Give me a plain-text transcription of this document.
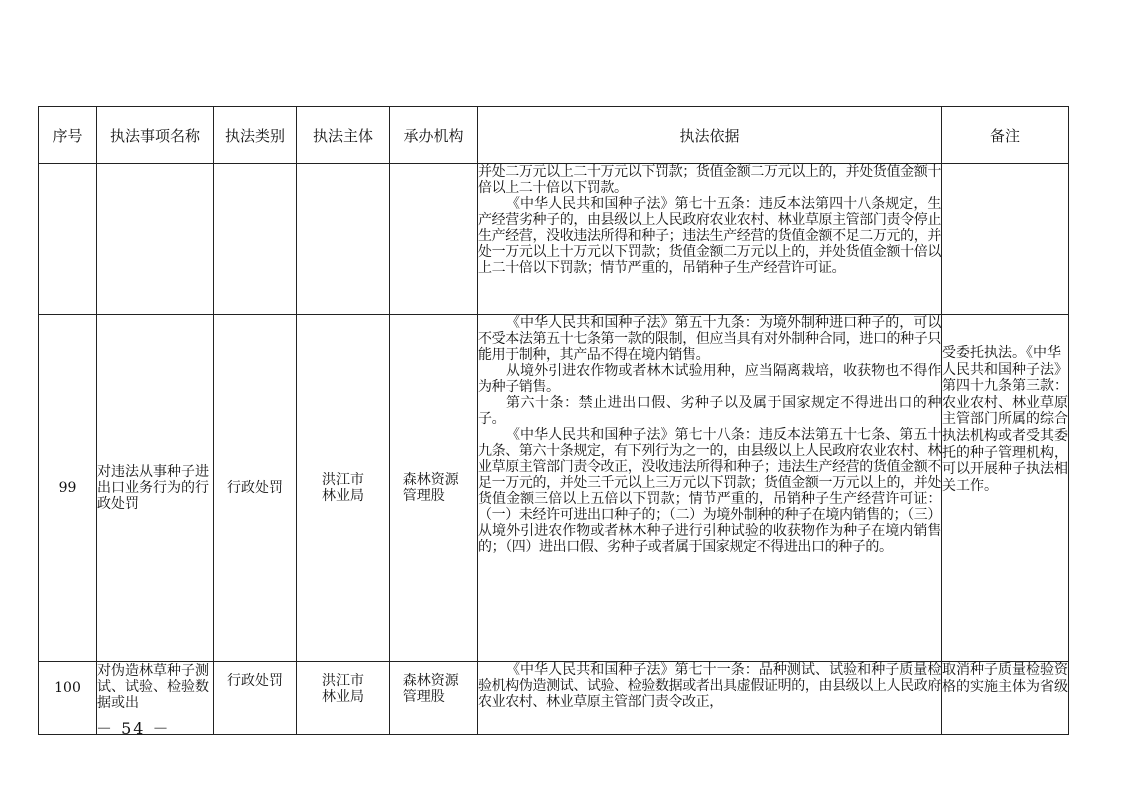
序号	执法事项名称	执法类别	执法主体	承办机构	执法依据	备注

					并处二万元以上二十万元以下罚款；货值金额二万元以上的，并处货值金额十倍以上二十倍以下罚款。

《中华人民共和国种子法》第七十五条：违反本法第四十八条规定，生产经营劣种子的，由县级以上人民政府农业农村、林业草原主管部门责令停止生产经营，没收违法所得和种子；违法生产经营的货值金额不足二万元的，并处一万元以上十万元以下罚款；货值金额二万元以上的，并处货值金额十倍以上二十倍以下罚款；情节严重的，吊销种子生产经营许可证。	

99	对违法从事种子进出口业务行为的行政处罚	行政处罚	洪江市林业局	森林资源管理股	《中华人民共和国种子法》第五十九条：为境外制种进口种子的，可以不受本法第五十七条第一款的限制，但应当具有对外制种合同，进口的种子只能用于制种，其产品不得在境内销售。

从境外引进农作物或者林木试验用种，应当隔离栽培，收获物也不得作为种子销售。

第六十条：禁止进出口假、劣种子以及属于国家规定不得进出口的种子。

《中华人民共和国种子法》第七十八条：违反本法第五十七条、第五十九条、第六十条规定，有下列行为之一的，由县级以上人民政府农业农村、林业草原主管部门责令改正，没收违法所得和种子；违法生产经营的货值金额不足一万元的，并处三千元以上三万元以下罚款；货值金额一万元以上的，并处货值金额三倍以上五倍以下罚款；情节严重的，吊销种子生产经营许可证：（一）未经许可进出口种子的；（二）为境外制种的种子在境内销售的；（三）从境外引进农作物或者林木种子进行引种试验的收获物作为种子在境内销售的；（四）进出口假、劣种子或者属于国家规定不得进出口的种子的。	受委托执法。《中华人民共和国种子法》第四十九条第三款：农业农村、林业草原主管部门所属的综合执法机构或者受其委托的种子管理机构，可以开展种子执法相关工作。
100	对伪造林草种子测试、试验、检验数据或出	行政处罚	洪江市林业局	森林资源管理股	《中华人民共和国种子法》第七十一条：品种测试、试验和种子质量检验机构伪造测试、试验、检验数据或者出具虚假证明的，由县级以上人民政府农业农村、林业草原主管部门责令改正，	取消种子质量检验资格的实施主体为省级
－ 54 －
